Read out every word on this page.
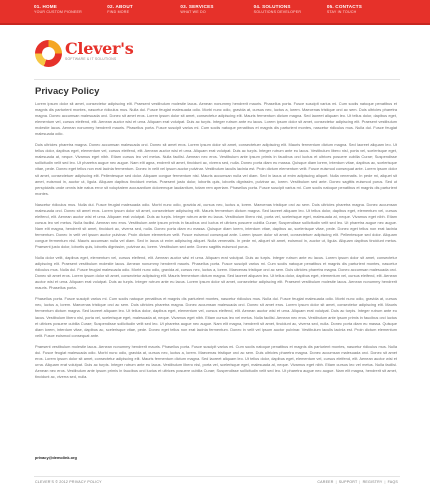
01. HOME
YOUR CUSTOM PIONEER
02. ABOUT
FIND MORE
03. SERVICES
WHAT WE DO
04. SOLUTIONS
SOLUTIONS DEVELOPER
05. CONTACTS
STAY IN TOUCH
Clever's
SOFTWARE & IT SOLUTIONS
Privacy Policy

Lorem ipsum dolor sit amet, consectetur adipiscing elit. Praesent vestibulum molestie lacus. Aenean nonummy hendrerit mauris. Phasellus porta. Fusce suscipit varius mi. Cum sociis natoque penatibus et magnis dis parturient montes, nascetur ridiculus mus. Nulla dui. Fusce feugiat malesuada odio. Morbi nunc odio, gravida at, cursus nec, luctus a, lorem. Maecenas tristique orci ac sem. Duis ultricies pharetra magna. Donec accumsan malesuada orci. Donec sit amet eros. Lorem ipsum dolor sit amet, consectetur adipiscing elit. Mauris fermentum dictum magna. Sed laoreet aliquam leo. Ut tellus dolor, dapibus eget, elementum vel, cursus eleifend, elit. Aenean auctor wisi et urna. Aliquam erat volutpat. Duis ac turpis. Integer rutrum ante eu lacus. Lorem ipsum dolor sit amet, consectetur adipiscing elit. Praesent vestibulum molestie lacus. Aenean nonummy hendrerit mauris. Phasellus porta. Fusce suscipit varius mi. Cum sociis natoque penatibus et magnis dis parturient montes, nascetur ridiculus mus. Nulla dui. Fusce feugiat malesuada odio.

Duis ultricies pharetra magna. Donec accumsan malesuada orci. Donec sit amet eros. Lorem ipsum dolor sit amet, consectetuer adipiscing elit. Mauris fermentum dictum magna. Sed laoreet aliquam leo. Ut tellus dolor, dapibus eget, elementum vel, cursus eleifend, elit. Aenean auctor wisi et urna. Aliquam erat volutpat. Duis ac turpis. Integer rutrum ante eu lacus. Vestibulum libero nisl, porta vel, scelerisque eget, malesuada at, neque. Vivamus eget nibh. Etiam cursus leo vel metus. Nulla facilisi. Aenean nec eros. Vestibulum ante ipsum primis in faucibus orci luctus et ultrices posuere cubilia Curae; Suspendisse sollicitudin velit sed leo. Ut pharetra augue nec augue. Nam elit agna, endrerit sit amet, tincidunt ac, viverra sed, nulla. Donec porta diam eu massa. Quisque diam lorem, interdum vitae, dapibus ac, scelerisque vitae, pede. Donec eget tellus non erat lacinia fermentum. Donec in velit vel ipsum auctor pulvinar. Vestibulum iaculis lacinia est. Proin dictum elementum velit. Fusce euismod consequat ante. Lorem ipsum dolor sit amet, consectetuer adipiscing elit. Pellentesque sed dolor. Aliquam congue fermentum nisl. Mauris accumsan nulla vel diam. Sed in lacus ut enim adipiscing aliquet. Nulla venenatis. In pede mi, aliquet sit amet, euismod in, auctor ut, ligula. Aliquam dapibus tincidunt metus. Praesent justo dolor, lobortis quis, lobortis dignissim, pulvinar ac, lorem. Vestibulum sed ante. Donec sagittis euismod purus. Sed ut perspiciatis unde omnis iste natus error sit voluptatem accusantium doloremque laudantium, totam rem aperiam. Phasellus porta. Fusce suscipit varius mi. Cum sociis natoque penatibus et magnis dis parturient montes.

Nascetur ridiculus mus. Nulla dui. Fusce feugiat malesuada odio. Morbi nunc odio, gravida at, cursus nec, luctus a, lorem. Maecenas tristique orci ac sem. Duis ultricies pharetra magna. Donec accumsan malesuada orci. Donec sit amet eros. Lorem ipsum dolor sit amet, consectetuer adipiscing elit. Mauris fermentum dictum magna. Sed laoreet aliquam leo. Ut tellus dolor, dapibus eget, elementum vel, cursus eleifend, elit. Aenean auctor wisi et urna. Aliquam erat volutpat. Duis ac turpis. Integer rutrum ante eu lacus. Vestibulum libero nisl, porta vel, scelerisque eget, malesuada at, neque. Vivamus eget nibh. Etiam cursus leo vel metus. Nulla facilisi. Aenean nec eros. Vestibulum ante ipsum primis in faucibus orci luctus et ultrices posuere cubilia Curae; Suspendisse sollicitudin velit sed leo. Ut pharetra augue nec augue. Nam elit magna, hendrerit sit amet, tincidunt ac, viverra sed, nulla. Donec porta diam eu massa. Quisque diam lorem, interdum vitae, dapibus ac, scelerisque vitae, pede. Donec eget tellus non erat lacinia fermentum. Donec in velit vel ipsum auctor pulvinar. Proin dictum elementum velit. Fusce euismod consequat ante. Lorem ipsum dolor sit amet, consectetuer adipiscing elit. Pellentesque sed dolor. Aliquam congue fermentum nisl. Mauris accumsan nulla vel diam. Sed in lacus ut enim adipiscing aliquet. Nulla venenatis. In pede mi, aliquet sit amet, euismod in, auctor ut, ligula. Aliquam dapibus tincidunt metus. Praesent justo dolor, lobortis quis, lobortis dignissim, pulvinar ac, lorem. Vestibulum sed ante. Donec sagittis euismod purus.

Nulla dolor velit, dapibus eget, elementum vel, cursus eleifend, elit. Aenean auctor wisi et urna. Aliquam erat volutpat. Duis ac turpis. Integer rutrum ante eu lacus. Lorem ipsum dolor sit amet, consectetur adipiscing elit. Praesent vestibulum molestie lacus. Aenean nonummy hendrerit mauris. Phasellus porta. Fusce suscipit varius mi. Cum sociis natoque penatibus et magnis dis parturient montes, nascetur ridiculus mus. Nulla dui. Fusce feugiat malesuada odio. Morbi nunc odio, gravida at, cursus nec, luctus a, lorem. Maecenas tristique orci ac sem. Duis ultricies pharetra magna. Donec accumsan malesuada orci. Donec sit amet eros. Lorem ipsum dolor sit amet, consectetur adipiscing elit. Mauris fermentum dictum magna. Sed laoreet aliquam leo. Ut tellus dolor, dapibus eget, elementum vel, cursus eleifend, elit. Aenean auctor wisi et urna. Aliquam erat volutpat. Duis ac turpis. Integer rutrum ante eu lacus. Lorem ipsum dolor sit amet, consectetur adipiscing elit. Praesent vestibulum molestie lacus. Aenean nonummy hendrerit mauris. Phasellus porta.

Phasellus porta. Fusce suscipit varius mi. Cum sociis natoque penatibus et magnis dis parturient montes, nascetur ridiculus mus. Nulla dui. Fusce feugiat malesuada odio. Morbi nunc odio, gravida at, cursus nec, luctus a, lorem. Maecenas tristique orci ac sem. Duis ultricies pharetra magna. Donec accumsan malesuada orci. Donec sit amet eros. Lorem ipsum dolor sit amet, consectetur adipiscing elit. Mauris fermentum dictum magna. Sed laoreet aliquam leo. Ut tellus dolor, dapibus eget, elementum vel, cursus eleifend, elit. Aenean auctor wisi et urna. Aliquam erat volutpat. Duis ac turpis. Integer rutrum ante eu lacus. Vestibulum libero nisl, porta vel, scelerisque eget, malesuada at, neque. Vivamus eget nibh. Etiam cursus leo vel metus. Nulla facilisi. Aenean nec eros. Vestibulum ante ipsum primis in faucibus orci luctus et ultrices posuere cubilia Curae; Suspendisse sollicitudin velit sed leo. Ut pharetra augue nec augue. Nam elit magna, hendrerit sit amet, tincidunt ac, viverra sed, nulla. Donec porta diam eu massa. Quisque diam lorem, interdum vitae, dapibus ac, scelerisque vitae, pede. Donec eget tellus non erat lacinia fermentum. Donec in velit vel ipsum auctor pulvinar. Vestibulum iaculis lacinia est. Proin dictum elementum velit. Fusce euismod consequat ante.

Praesent vestibulum molestie lacus. Aenean nonummy hendrerit mauris. Phasellus porta. Fusce suscipit varius mi. Cum sociis natoque penatibus et magnis dis parturient montes, nascetur ridiculus mus. Nulla dui. Fusce feugiat malesuada odio. Morbi nunc odio, gravida at, cursus nec, luctus a, lorem. Maecenas tristique orci ac sem. Duis ultricies pharetra magna. Donec accumsan malesuada orci. Donec sit amet eros. Lorem ipsum dolor sit amet, consectetur adipiscing elit. Mauris fermentum dictum magna. Sed laoreet aliquam leo. Ut tellus dolor, dapibus eget, elementum vel, cursus eleifend, elit. Aenean auctor wisi et urna. Aliquam erat volutpat. Duis ac turpis. Integer rutrum ante eu lacus. Vestibulum libero nisl, porta vel, scelerisque eget, malesuada at, neque. Vivamus eget nibh. Etiam cursus leo vel metus. Nulla facilisi. Aenean nec eros. Vestibulum ante ipsum primis in faucibus orci luctus et ultrices posuere cubilia Curae; Suspendisse sollicitudin velit sed leo. Ut pharetra augue nec augue. Nam elit magna, hendrerit sit amet, tincidunt ac, viverra sed, nulla.

privacy@demolink.org
CLEVER'S © 2012 PRIVACY POLICY	CAREER | SUPPORT | REGISTRY | FAQS
